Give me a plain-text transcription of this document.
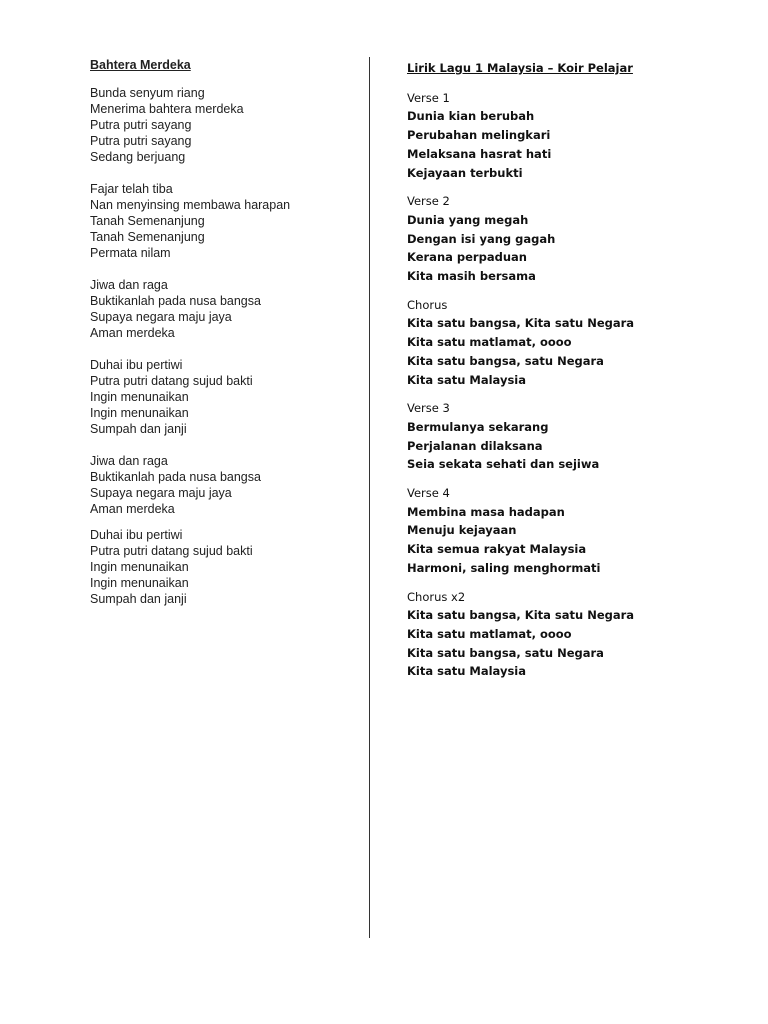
Bahtera Merdeka
Bunda senyum riang
Menerima bahtera merdeka
Putra putri sayang
Putra putri sayang
Sedang berjuang
Fajar telah tiba
Nan menyinsing membawa harapan
Tanah Semenanjung
Tanah Semenanjung
Permata nilam
Jiwa dan raga
Buktikanlah pada nusa bangsa
Supaya negara maju jaya
Aman merdeka
Duhai ibu pertiwi
Putra putri datang sujud bakti
Ingin menunaikan
Ingin menunaikan
Sumpah dan janji
Jiwa dan raga
Buktikanlah pada nusa bangsa
Supaya negara maju jaya
Aman merdeka
Duhai ibu pertiwi
Putra putri datang sujud bakti
Ingin menunaikan
Ingin menunaikan
Sumpah dan janji
Lirik Lagu 1 Malaysia – Koir Pelajar
Verse 1
Dunia kian berubah
Perubahan melingkari
Melaksana hasrat hati
Kejayaan terbukti
Verse 2
Dunia yang megah
Dengan isi yang gagah
Kerana perpaduan
Kita masih bersama
Chorus
Kita satu bangsa, Kita satu Negara
Kita satu matlamat, oooo
Kita satu bangsa, satu Negara
Kita satu Malaysia
Verse 3
Bermulanya sekarang
Perjalanan dilaksana
Seia sekata sehati dan sejiwa
Verse 4
Membina masa hadapan
Menuju kejayaan
Kita semua rakyat Malaysia
Harmoni, saling menghormati
Chorus x2
Kita satu bangsa, Kita satu Negara
Kita satu matlamat, oooo
Kita satu bangsa, satu Negara
Kita satu Malaysia
